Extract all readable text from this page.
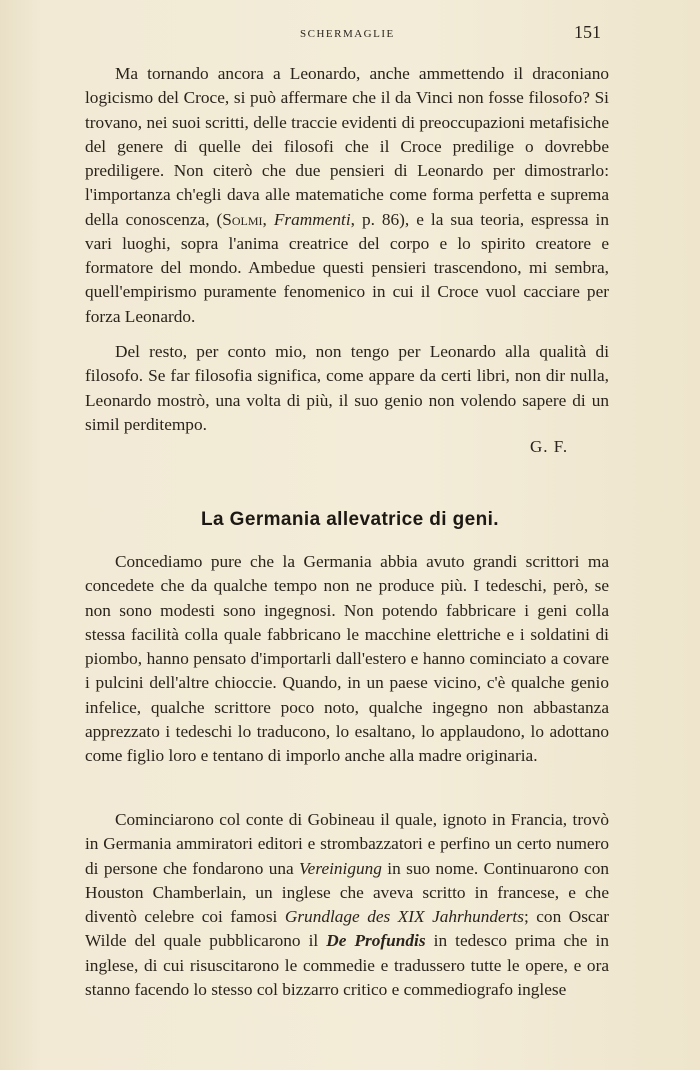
SCHERMAGLIE	151

Ma tornando ancora a Leonardo, anche ammettendo il draconiano logicismo del Croce, si può affermare che il da Vinci non fosse filosofo? Si trovano, nei suoi scritti, delle traccie evidenti di preoccupazioni metafisiche del genere di quelle dei filosofi che il Croce predilige o dovrebbe prediligere. Non citerò che due pensieri di Leonardo per dimostrarlo: l'importanza ch'egli dava alle matematiche come forma perfetta e suprema della conoscenza, (Solmi, Frammenti, p. 86), e la sua teoria, espressa in vari luoghi, sopra l'anima creatrice del corpo e lo spirito creatore e formatore del mondo. Ambedue questi pensieri trascendono, mi sembra, quell'empirismo puramente fenomenico in cui il Croce vuol cacciare per forza Leonardo.

Del resto, per conto mio, non tengo per Leonardo alla qualità di filosofo. Se far filosofia significa, come appare da certi libri, non dir nulla, Leonardo mostrò, una volta di più, il suo genio non volendo sapere di un simil perditempo.

G. F.
La Germania allevatrice di geni.

Concediamo pure che la Germania abbia avuto grandi scrittori ma concedete che da qualche tempo non ne produce più. I tedeschi, però, se non sono modesti sono ingegnosi. Non potendo fabbricare i geni colla stessa facilità colla quale fabbricano le macchine elettriche e i soldatini di piombo, hanno pensato d'importarli dall'estero e hanno cominciato a covare i pulcini dell'altre chioccie. Quando, in un paese vicino, c'è qualche genio infelice, qualche scrittore poco noto, qualche ingegno non abbastanza apprezzato i tedeschi lo traducono, lo esaltano, lo applaudono, lo adottano come figlio loro e tentano di imporlo anche alla madre originaria.

Cominciarono col conte di Gobineau il quale, ignoto in Francia, trovò in Germania ammiratori editori e strombazzatori e perfino un certo numero di persone che fondarono una Vereinigung in suo nome. Continuarono con Houston Chamberlain, un inglese che aveva scritto in francese, e che diventò celebre coi famosi Grundlage des XIX Jahrhunderts; con Oscar Wilde del quale pubblicarono il De Profundis in tedesco prima che in inglese, di cui risuscitarono le commedie e tradussero tutte le opere, e ora stanno facendo lo stesso col bizzarro critico e commediografo inglese
